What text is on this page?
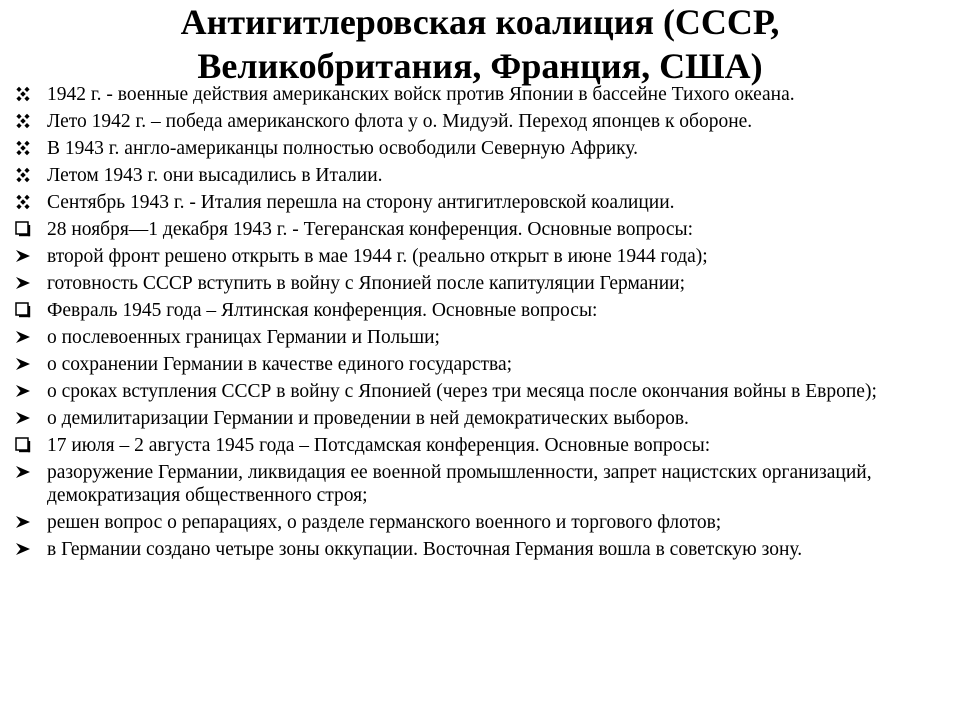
Антигитлеровская коалиция (СССР,
Великобритания, Франция, США)
1942 г. - военные действия американских войск против Японии в бассейне Тихого океана.
Лето 1942 г. – победа американского флота у о. Мидуэй. Переход японцев к обороне.
В 1943 г. англо-американцы полностью освободили Северную Африку.
Летом 1943 г. они высадились в Италии.
Сентябрь 1943 г. - Италия перешла на сторону антигитлеровской коалиции.
28 ноября—1 декабря 1943 г. - Тегеранская конференция. Основные вопросы:
второй фронт решено открыть в мае 1944 г. (реально открыт в июне 1944 года);
готовность СССР вступить в войну с Японией после капитуляции Германии;
Февраль 1945 года – Ялтинская конференция. Основные вопросы:
о послевоенных границах Германии и Польши;
о сохранении Германии в качестве единого государства;
о сроках вступления СССР в войну с Японией (через три месяца после окончания войны в Европе);
о демилитаризации Германии и проведении в ней демократических выборов.
17 июля – 2 августа 1945 года – Потсдамская конференция. Основные вопросы:
разоружение Германии, ликвидация ее военной промышленности, запрет нацистских организаций, демократизация общественного строя;
решен вопрос о репарациях, о разделе германского военного и торгового флотов;
в Германии создано четыре зоны оккупации. Восточная Германия вошла в советскую зону.
